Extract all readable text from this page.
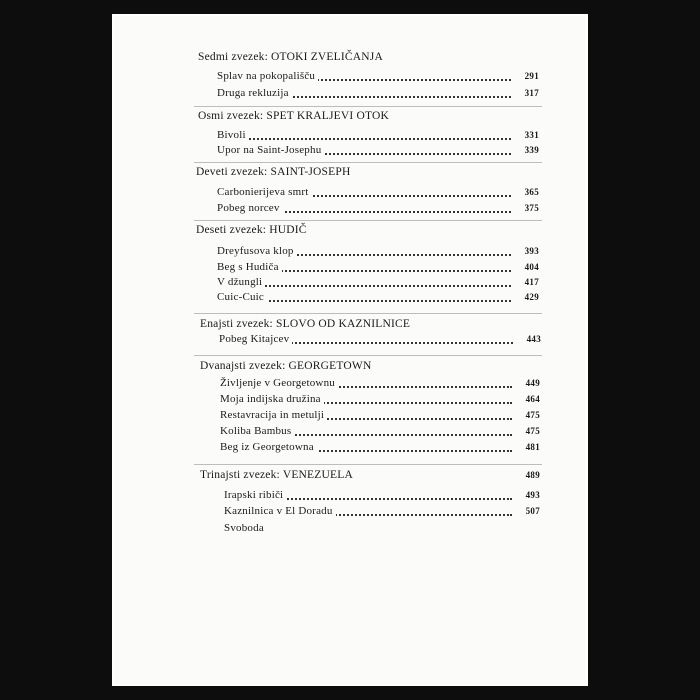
Sedmi zvezek: OTOKI ZVELIČANJA
Splav na pokopališču	291
Druga rekluzija	317
Osmi zvezek: SPET KRALJEVI OTOK
Bivoli	331
Upor na Saint-Josephu	339
Deveti zvezek: SAINT-JOSEPH
Carbonierijeva smrt	365
Pobeg norcev	375
Deseti zvezek: HUDIČ
Dreyfusova klop	393
Beg s Hudiča	404
V džungli	417
Cuic-Cuic	429
Enajsti zvezek: SLOVO OD KAZNILNICE
Pobeg Kitajcev	443
Dvanajsti zvezek: GEORGETOWN
Življenje v Georgetownu	449
Moja indijska družina	464
Restavracija in metulji	475
Koliba Bambus	475
Beg iz Georgetowna	481
Trinajsti zvezek: VENEZUELA	489
Irapski ribiči	493
Kaznilnica v El Doradu	507
Svoboda
